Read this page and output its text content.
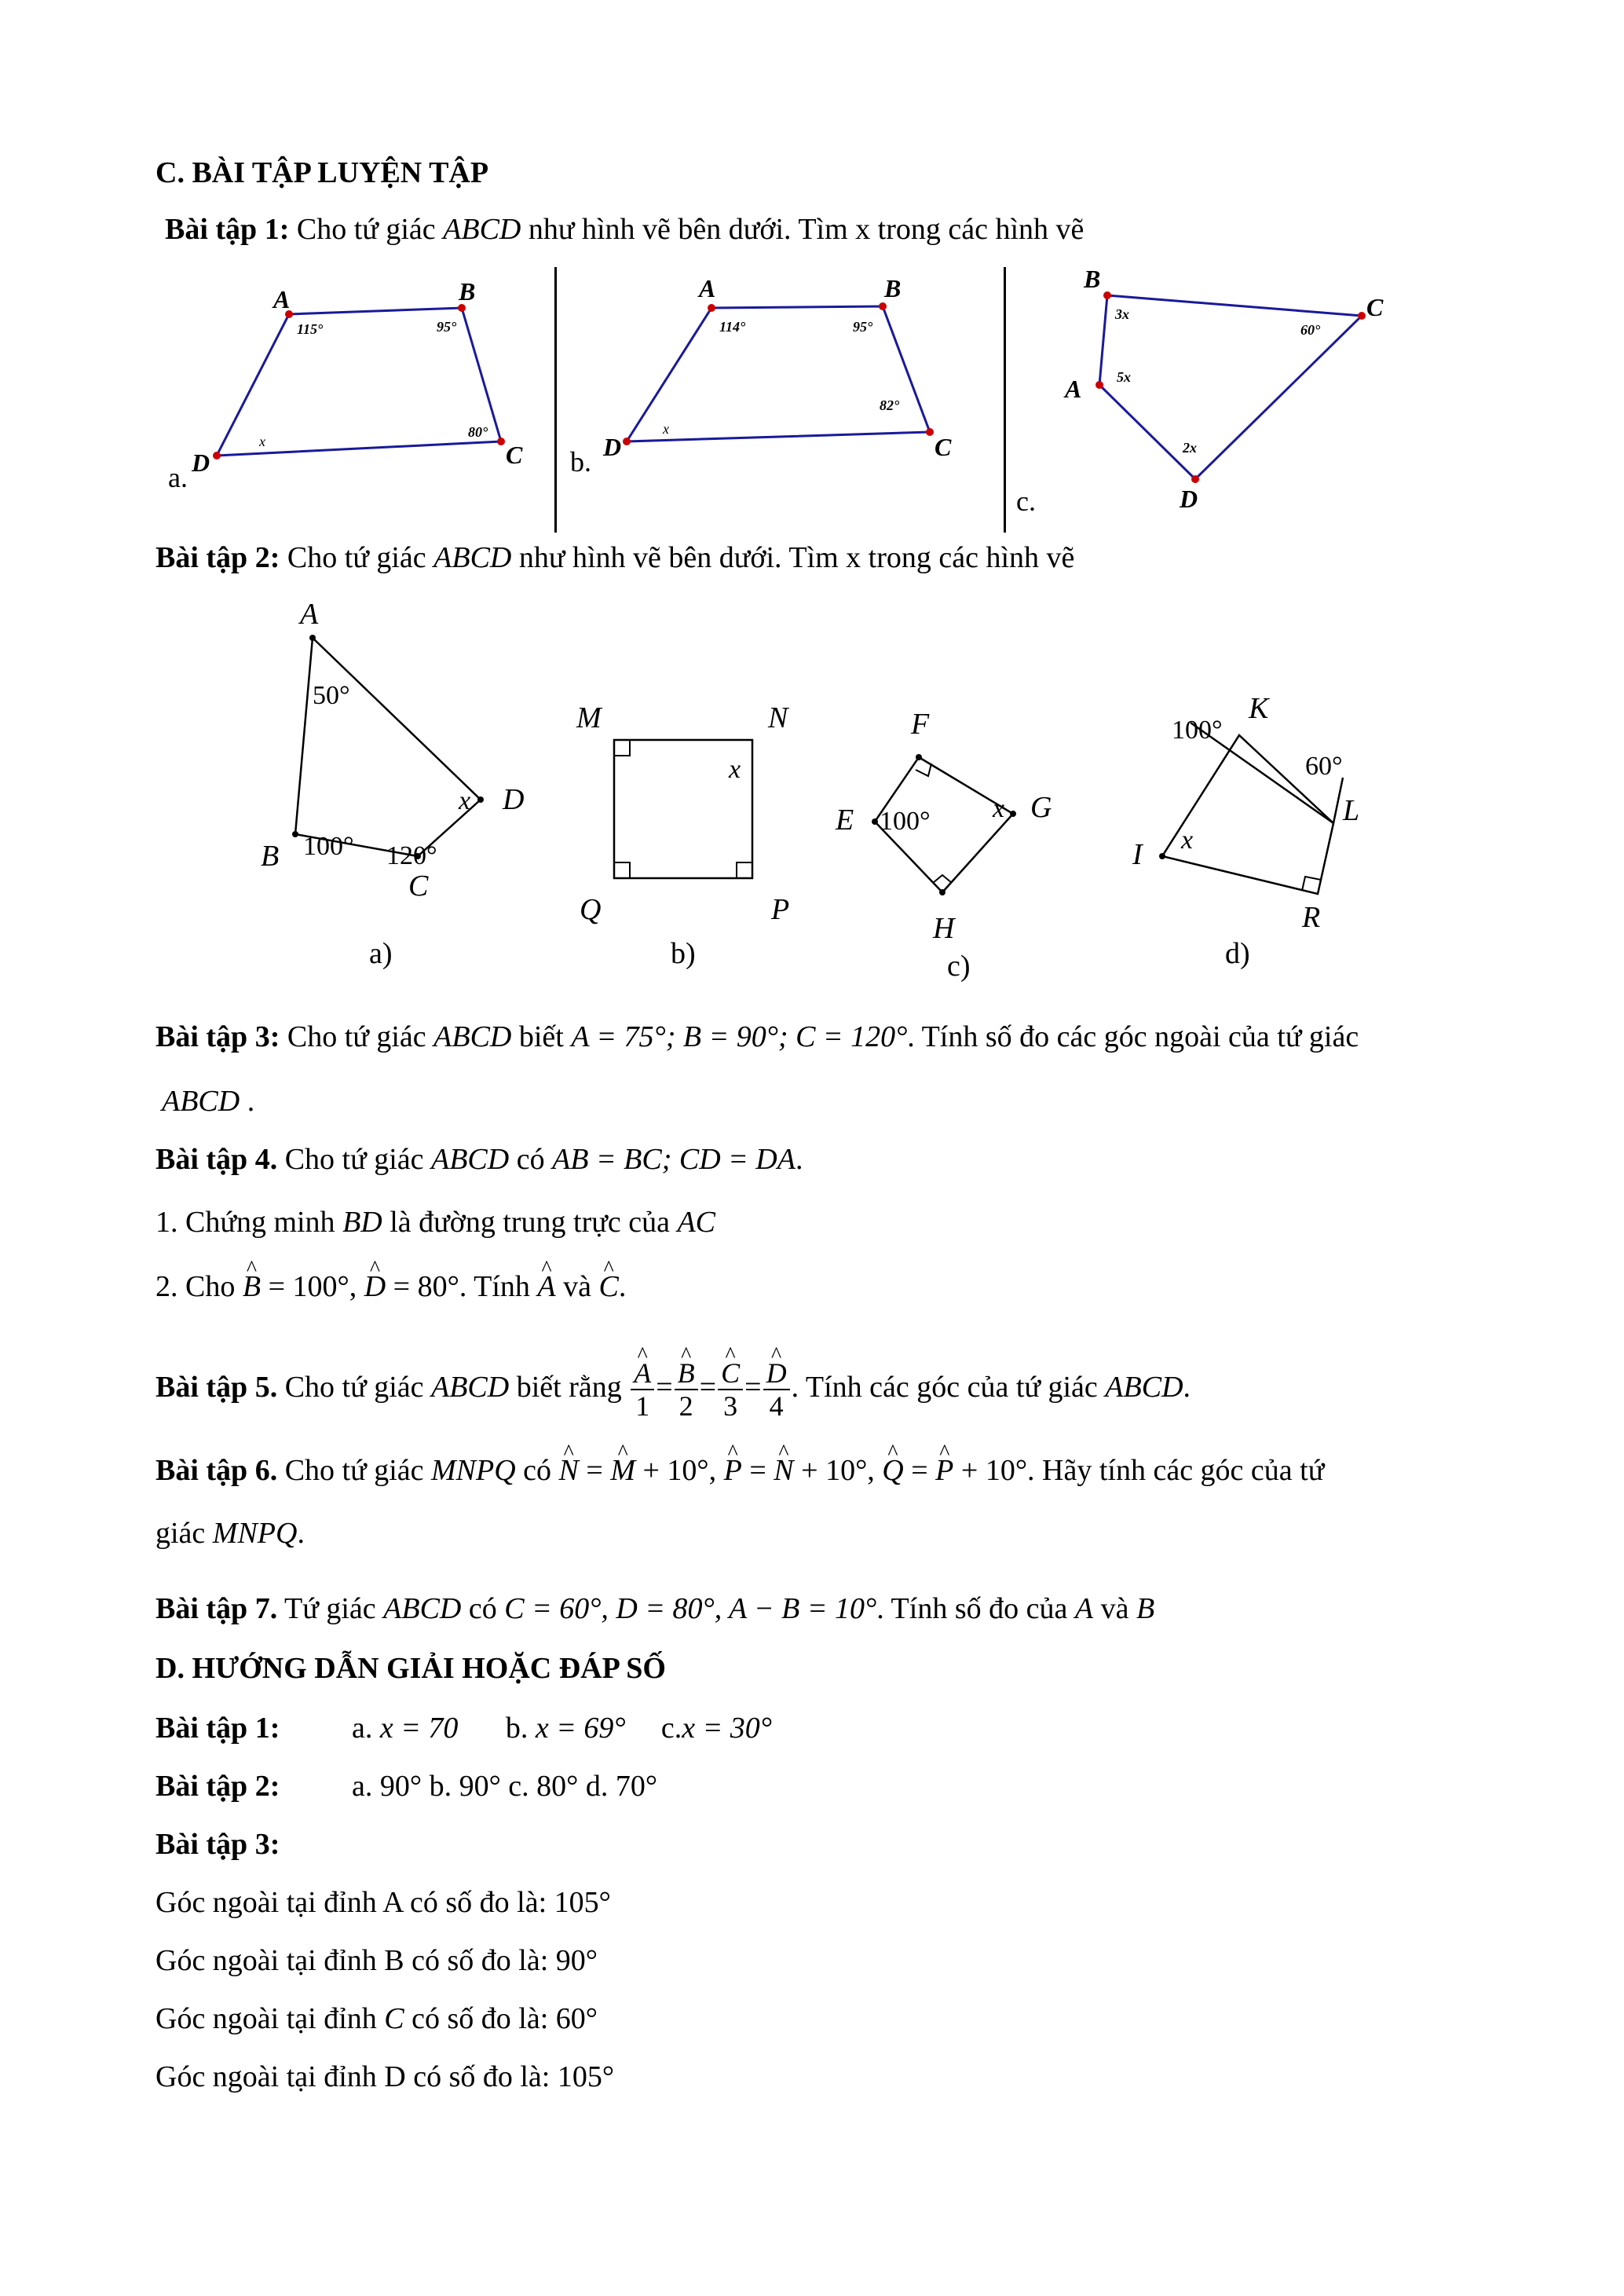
C. BÀI TẬP LUYỆN TẬP
Bài tập 1: Cho tứ giác ABCD như hình vẽ bên dưới. Tìm x trong các hình vẽ
A	B
C
D
115°	95°
80°
x
a.
A	B
C
D
114°	95°
82°
x
b.
B
C
D
A
3x
60°
2x
5x
c.
Bài tập 2: Cho tứ giác ABCD như hình vẽ bên dưới. Tìm x trong các hình vẽ
A
D
C
B
50°
100° 120°
x
a)
M	N
Q	P
x
b)
F
G
H
E 100° x
c)
K
L
R
I
100°
60°
x
d)
Bài tập 3: Cho tứ giác ABCD biết A = 75°; B = 90°; C = 120°. Tính số đo các góc ngoài của tứ giác
ABCD .
Bài tập 4. Cho tứ giác ABCD có AB = BC; CD = DA.
1. Chứng minh BD là đường trung trực của AC
2. Cho ^ B = 100°, ^ D = 80°. Tính ^ A và ^ C.
Bài tập 5. Cho tứ giác ABCD biết rằng ^ $\frac{A}{1}$ = ^ $\frac{B}{2}$ = ^ $\frac{C}{3}$ = ^ $\frac{D}{4}$ . Tính các góc của tứ giác ABCD.
Bài tập 6. Cho tứ giác MNPQ có ^ N = ^ M + 10°, ^ P = ^ N + 10°, ^ Q = ^ P + 10°. Hãy tính các góc của tứ
giác MNPQ.
Bài tập 7. Tứ giác ABCD có C = 60°, D = 80°, A − B = 10°. Tính số đo của A và B
D. HƯỚNG DẪN GIẢI HOẶC ĐÁP SỐ
Bài tập 1: a. x = 70 b. x = 69° c.x = 30°
Bài tập 2: a. 90° b. 90° c. 80° d. 70°
Bài tập 3:
Góc ngoài tại đỉnh A có số đo là: 105°
Góc ngoài tại đỉnh B có số đo là: 90°
Góc ngoài tại đỉnh C có số đo là: 60°
Góc ngoài tại đỉnh D có số đo là: 105°
